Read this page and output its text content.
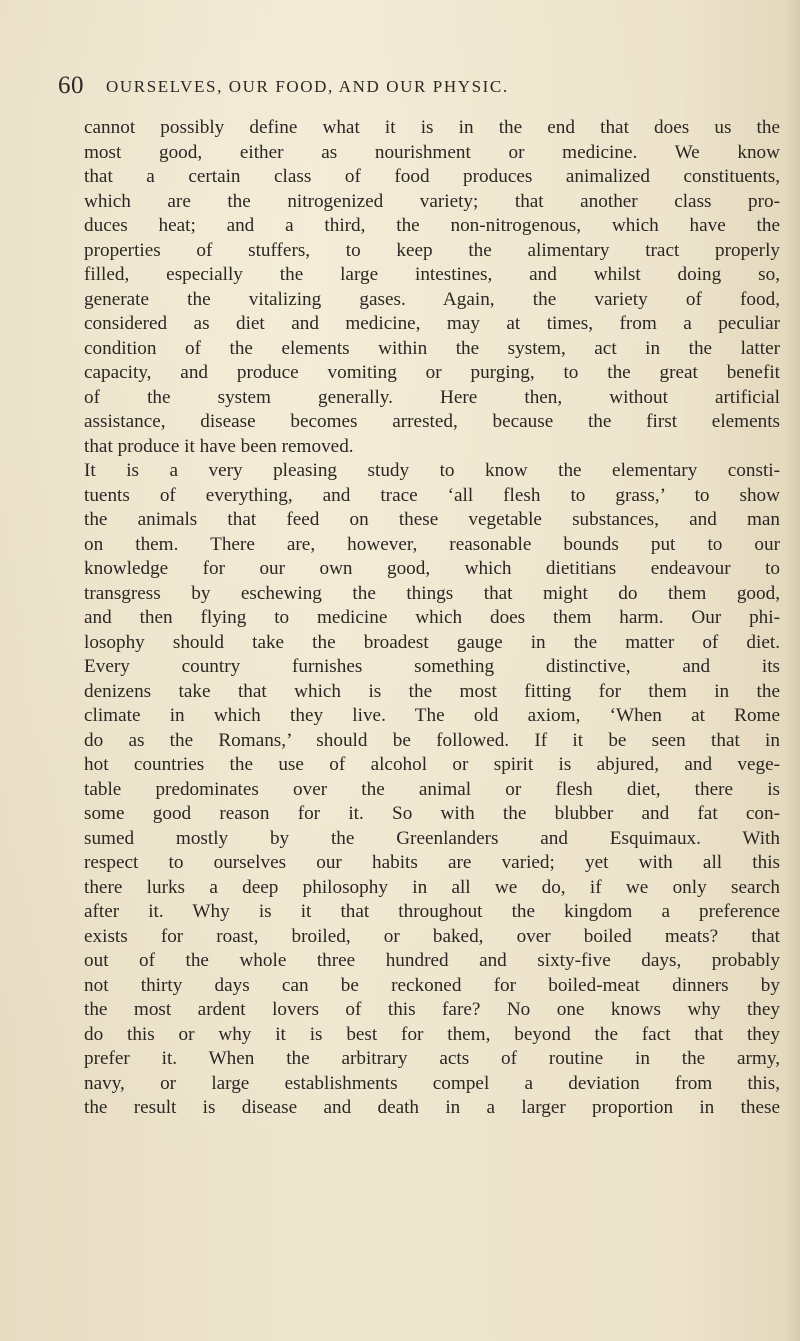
60 OURSELVES, OUR FOOD, AND OUR PHYSIC.
cannot possibly define what it is in the end that does us the
most good, either as nourishment or medicine. We know
that a certain class of food produces animalized constituents,
which are the nitrogenized variety; that another class pro-
duces heat; and a third, the non-nitrogenous, which have the
properties of stuffers, to keep the alimentary tract properly
filled, especially the large intestines, and whilst doing so,
generate the vitalizing gases. Again, the variety of food,
considered as diet and medicine, may at times, from a peculiar
condition of the elements within the system, act in the latter
capacity, and produce vomiting or purging, to the great benefit
of the system generally. Here then, without artificial
assistance, disease becomes arrested, because the first elements
that produce it have been removed.
It is a very pleasing study to know the elementary consti-
tuents of everything, and trace ‘all flesh to grass,’ to show
the animals that feed on these vegetable substances, and man
on them. There are, however, reasonable bounds put to our
knowledge for our own good, which dietitians endeavour to
transgress by eschewing the things that might do them good,
and then flying to medicine which does them harm. Our phi-
losophy should take the broadest gauge in the matter of diet.
Every country furnishes something distinctive, and its
denizens take that which is the most fitting for them in the
climate in which they live. The old axiom, ‘When at Rome
do as the Romans,’ should be followed. If it be seen that in
hot countries the use of alcohol or spirit is abjured, and vege-
table predominates over the animal or flesh diet, there is
some good reason for it. So with the blubber and fat con-
sumed mostly by the Greenlanders and Esquimaux. With
respect to ourselves our habits are varied; yet with all this
there lurks a deep philosophy in all we do, if we only search
after it. Why is it that throughout the kingdom a preference
exists for roast, broiled, or baked, over boiled meats? that
out of the whole three hundred and sixty-five days, probably
not thirty days can be reckoned for boiled-meat dinners by
the most ardent lovers of this fare? No one knows why they
do this or why it is best for them, beyond the fact that they
prefer it. When the arbitrary acts of routine in the army,
navy, or large establishments compel a deviation from this,
the result is disease and death in a larger proportion in these
